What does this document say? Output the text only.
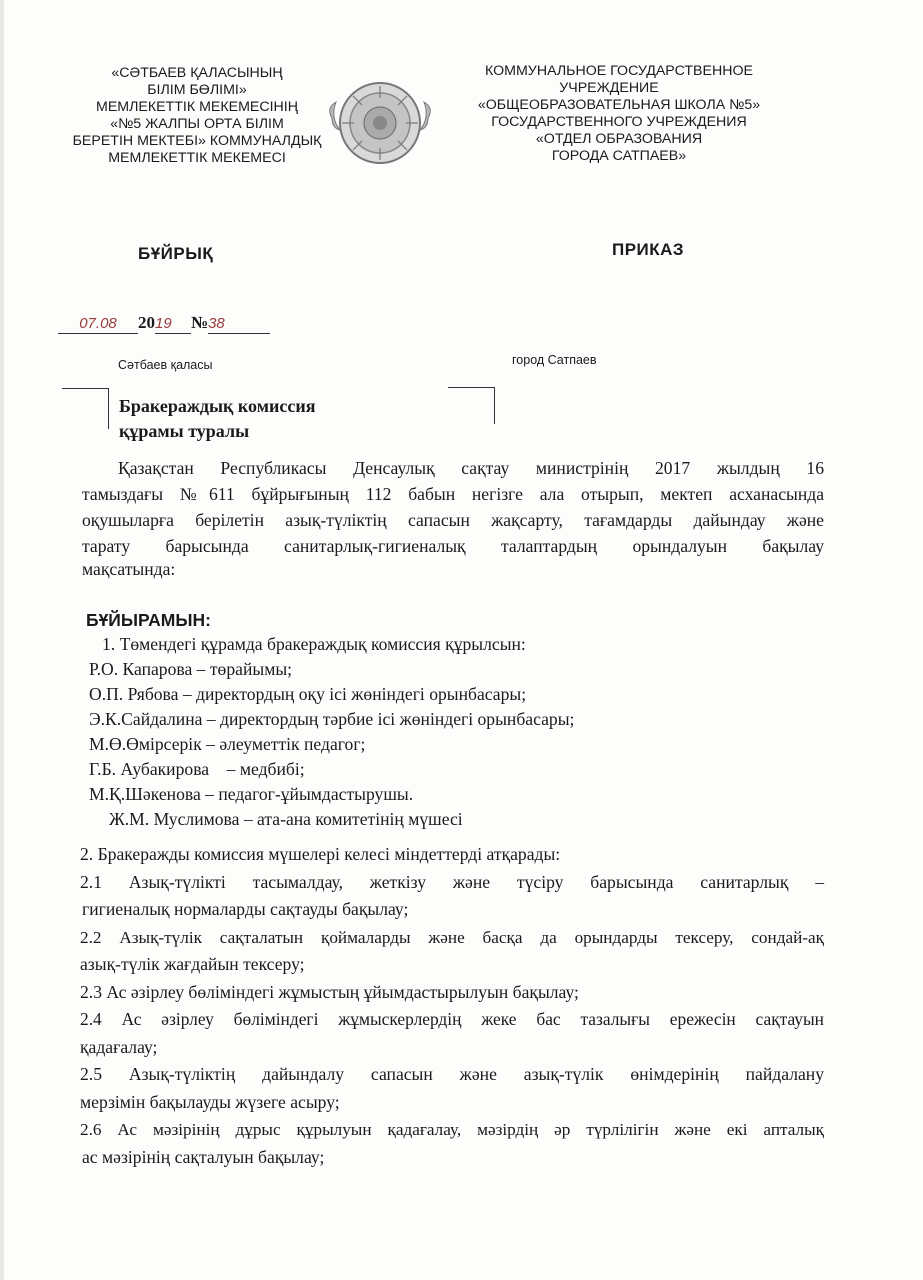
«СӘТБАЕВ ҚАЛАСЫНЫҢ
БІЛІМ БӨЛІМІ»
МЕМЛЕКЕТТІК МЕКЕМЕСІНІҢ
«№5 ЖАЛПЫ ОРТА БІЛІМ
БЕРЕТІН МЕКТЕБІ» КОММУНАЛДЫҚ
МЕМЛЕКЕТТІК МЕКЕМЕСІ
КОММУНАЛЬНОЕ ГОСУДАРСТВЕННОЕ
УЧРЕЖДЕНИЕ
«ОБЩЕОБРАЗОВАТЕЛЬНАЯ ШКОЛА №5»
ГОСУДАРСТВЕННОГО УЧРЕЖДЕНИЯ
«ОТДЕЛ ОБРАЗОВАНИЯ
ГОРОДА САТПАЕВ»
БҰЙРЫҚ	ПРИКАЗ
07.08 2019 №38
Сәтбаев қаласы	город Сатпаев
Бракераждық комиссия
құрамы туралы
Қазақстан Республикасы Денсаулық сақтау министрінің 2017 жылдың 16
тамыздағы №611 бұйрығының 112 бабын негізге ала отырып, мектеп асханасында
оқушыларға берілетін азық-түліктің сапасын жақсарту, тағамдарды дайындау және
тарату барысында санитарлық-гигиеналық талаптардың орындалуын бақылау
мақсатында:
БҰЙЫРАМЫН:
1. Төмендегі құрамда бракераждық комиссия құрылсын:
Р.О. Капарова – төрайымы;
О.П. Рябова – директордың оқу ісі жөніндегі орынбасары;
Э.К.Сайдалина – директордың тәрбие ісі жөніндегі орынбасары;
М.Ө.Өмірсерік – әлеуметтік педагог;
Г.Б. Аубакирова    – медбибі;
М.Қ.Шәкенова – педагог-ұйымдастырушы.
Ж.М. Муслимова – ата-ана комитетінің мүшесі
2. Бракеражды комиссия мүшелері келесі міндеттерді атқарады:
2.1 Азық-түлікті тасымалдау, жеткізу және түсіру барысында санитарлық –
гигиеналық нормаларды сақтауды бақылау;
2.2 Азық-түлік сақталатын қоймаларды және басқа да орындарды тексеру, сондай-ақ
азық-түлік жағдайын тексеру;
2.3 Ас әзірлеу бөліміндегі жұмыстың ұйымдастырылуын бақылау;
2.4 Ас әзірлеу бөліміндегі жұмыскерлердің жеке бас тазалығы ережесін сақтауын
қадағалау;
2.5 Азық-түліктің дайындалу сапасын және азық-түлік өнімдерінің пайдалану
мерзімін бақылауды жүзеге асыру;
2.6 Ас мәзірінің дұрыс құрылуын қадағалау, мәзірдің әр түрлілігін және екі апталық
ас мәзірінің сақталуын бақылау;
